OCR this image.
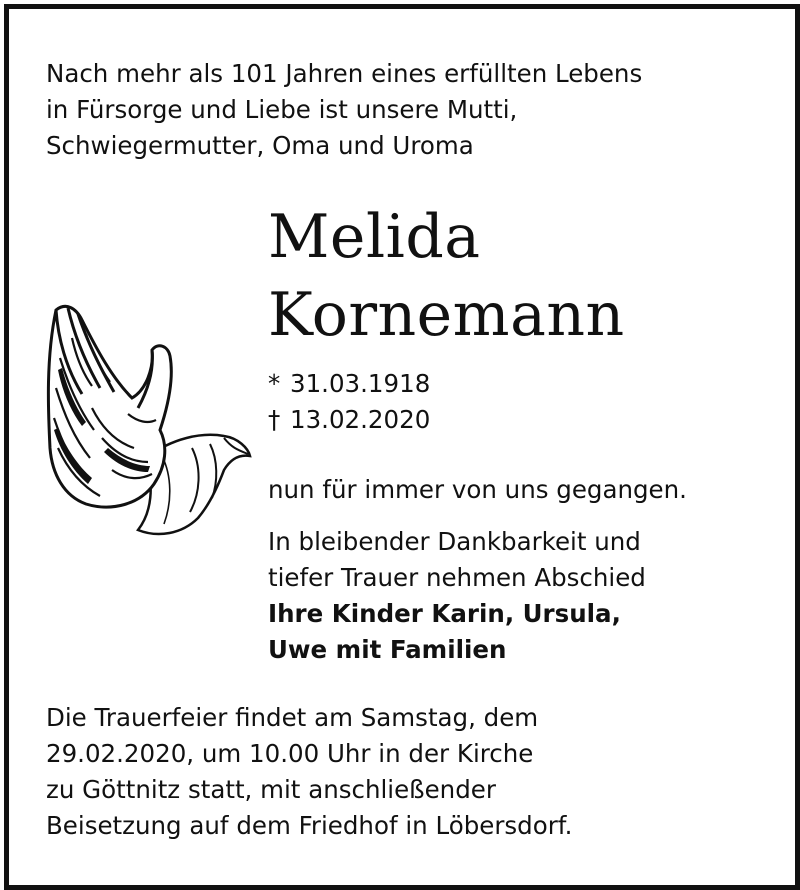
Nach mehr als 101 Jahren eines erfüllten Lebens
in Fürsorge und Liebe ist unsere Mutti,
Schwiegermutter, Oma und Uroma

Melida
Kornemann
* 31.03.1918
† 13.02.2020

nun für immer von uns gegangen.

In bleibender Dankbarkeit und
tiefer Trauer nehmen Abschied

Ihre Kinder Karin, Ursula,
Uwe mit Familien

Die Trauerfeier findet am Samstag, dem
29.02.2020, um 10.00 Uhr in der Kirche
zu Göttnitz statt, mit anschließender
Beisetzung auf dem Friedhof in Löbersdorf.
